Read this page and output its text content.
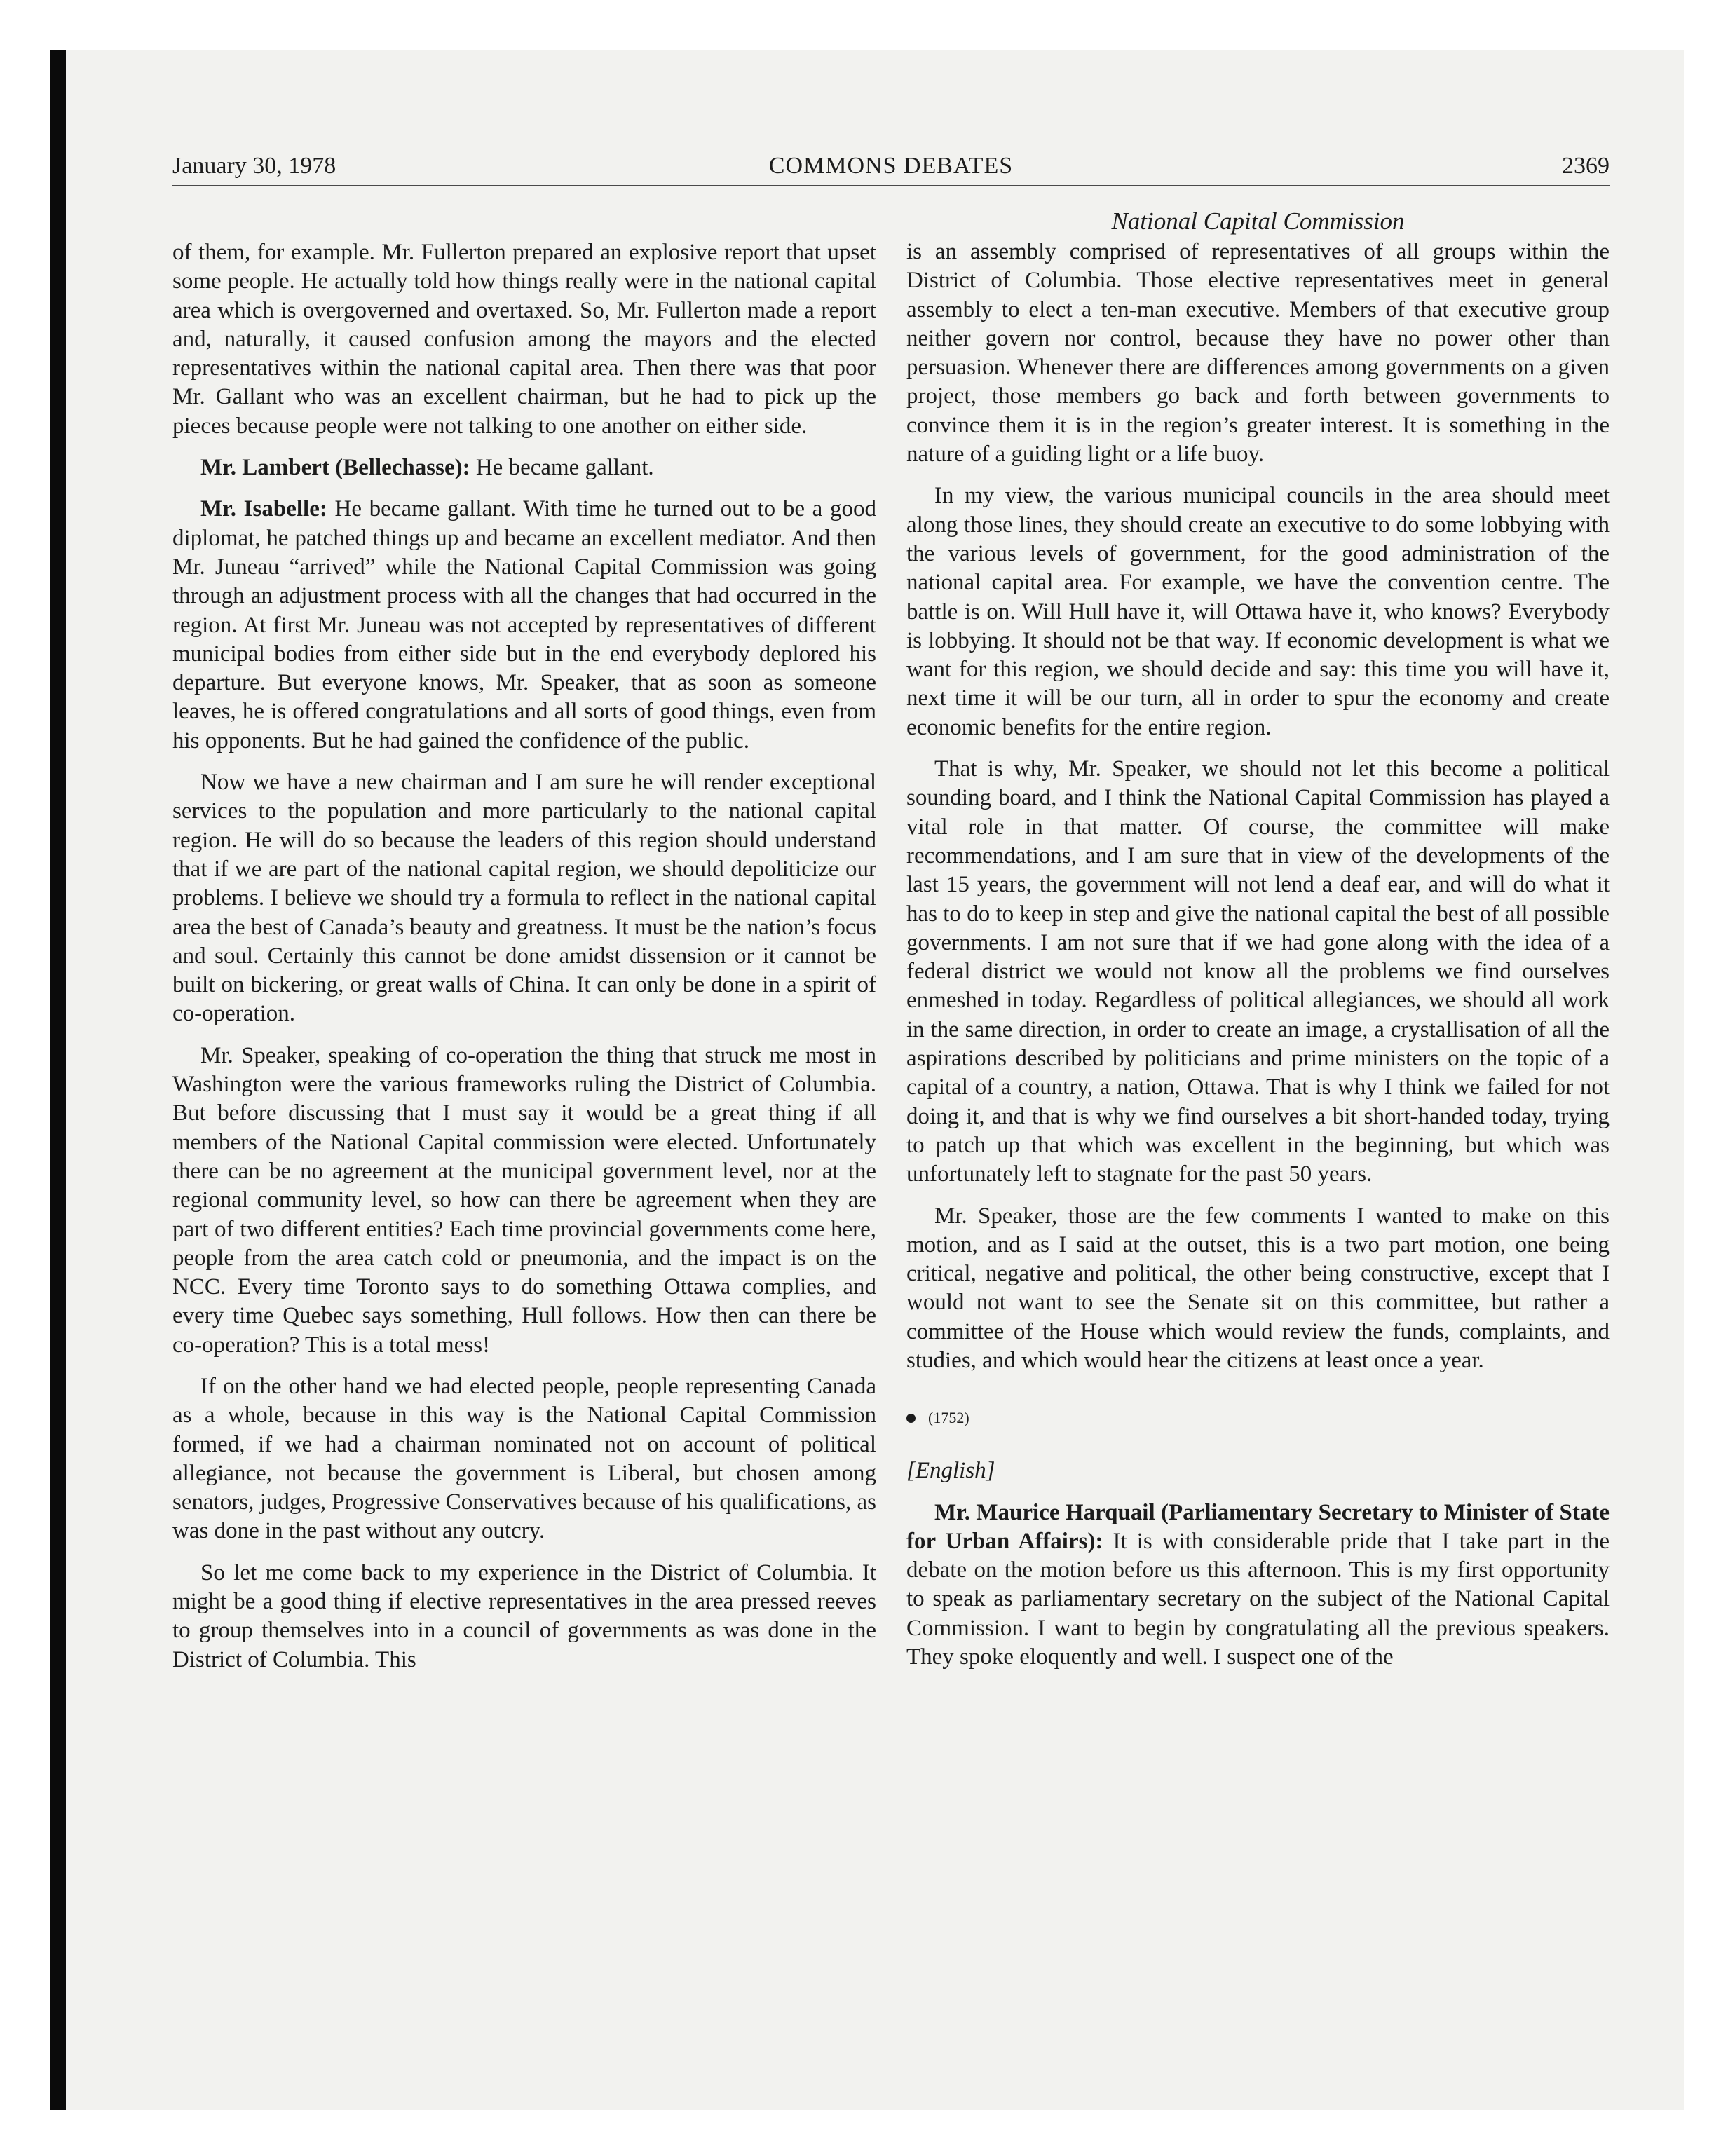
January 30, 1978	COMMONS DEBATES	2369

of them, for example. Mr. Fullerton prepared an explosive report that upset some people. He actually told how things really were in the national capital area which is overgoverned and overtaxed. So, Mr. Fullerton made a report and, naturally, it caused confusion among the mayors and the elected representatives within the national capital area. Then there was that poor Mr. Gallant who was an excellent chairman, but he had to pick up the pieces because people were not talking to one another on either side.

Mr. Lambert (Bellechasse): He became gallant.

Mr. Isabelle: He became gallant. With time he turned out to be a good diplomat, he patched things up and became an excellent mediator. And then Mr. Juneau “arrived” while the National Capital Commission was going through an adjustment process with all the changes that had occurred in the region. At first Mr. Juneau was not accepted by representatives of different municipal bodies from either side but in the end everybody deplored his departure. But everyone knows, Mr. Speaker, that as soon as someone leaves, he is offered congratulations and all sorts of good things, even from his opponents. But he had gained the confidence of the public.

Now we have a new chairman and I am sure he will render exceptional services to the population and more particularly to the national capital region. He will do so because the leaders of this region should understand that if we are part of the national capital region, we should depoliticize our problems. I believe we should try a formula to reflect in the national capital area the best of Canada’s beauty and greatness. It must be the nation’s focus and soul. Certainly this cannot be done amidst dissension or it cannot be built on bickering, or great walls of China. It can only be done in a spirit of co-operation.

Mr. Speaker, speaking of co-operation the thing that struck me most in Washington were the various frameworks ruling the District of Columbia. But before discussing that I must say it would be a great thing if all members of the National Capital commission were elected. Unfortunately there can be no agreement at the municipal government level, nor at the regional community level, so how can there be agreement when they are part of two different entities? Each time provincial governments come here, people from the area catch cold or pneumonia, and the impact is on the NCC. Every time Toronto says to do something Ottawa complies, and every time Quebec says something, Hull follows. How then can there be co-operation? This is a total mess!

If on the other hand we had elected people, people representing Canada as a whole, because in this way is the National Capital Commission formed, if we had a chairman nominated not on account of political allegiance, not because the government is Liberal, but chosen among senators, judges, Progressive Conservatives because of his qualifications, as was done in the past without any outcry.

So let me come back to my experience in the District of Columbia. It might be a good thing if elective representatives in the area pressed reeves to group themselves into in a council of governments as was done in the District of Columbia. This

National Capital Commission

is an assembly comprised of representatives of all groups within the District of Columbia. Those elective representatives meet in general assembly to elect a ten-man executive. Members of that executive group neither govern nor control, because they have no power other than persuasion. Whenever there are differences among governments on a given project, those members go back and forth between governments to convince them it is in the region’s greater interest. It is something in the nature of a guiding light or a life buoy.

In my view, the various municipal councils in the area should meet along those lines, they should create an executive to do some lobbying with the various levels of government, for the good administration of the national capital area. For example, we have the convention centre. The battle is on. Will Hull have it, will Ottawa have it, who knows? Everybody is lobbying. It should not be that way. If economic development is what we want for this region, we should decide and say: this time you will have it, next time it will be our turn, all in order to spur the economy and create economic benefits for the entire region.

That is why, Mr. Speaker, we should not let this become a political sounding board, and I think the National Capital Commission has played a vital role in that matter. Of course, the committee will make recommendations, and I am sure that in view of the developments of the last 15 years, the government will not lend a deaf ear, and will do what it has to do to keep in step and give the national capital the best of all possible governments. I am not sure that if we had gone along with the idea of a federal district we would not know all the problems we find ourselves enmeshed in today. Regardless of political allegiances, we should all work in the same direction, in order to create an image, a crystallisation of all the aspirations described by politicians and prime ministers on the topic of a capital of a country, a nation, Ottawa. That is why I think we failed for not doing it, and that is why we find ourselves a bit short-handed today, trying to patch up that which was excellent in the beginning, but which was unfortunately left to stagnate for the past 50 years.

Mr. Speaker, those are the few comments I wanted to make on this motion, and as I said at the outset, this is a two part motion, one being critical, negative and political, the other being constructive, except that I would not want to see the Senate sit on this committee, but rather a committee of the House which would review the funds, complaints, and studies, and which would hear the citizens at least once a year.

(1752)

[English]

Mr. Maurice Harquail (Parliamentary Secretary to Minister of State for Urban Affairs): It is with considerable pride that I take part in the debate on the motion before us this afternoon. This is my first opportunity to speak as parliamentary secretary on the subject of the National Capital Commission. I want to begin by congratulating all the previous speakers. They spoke eloquently and well. I suspect one of the
